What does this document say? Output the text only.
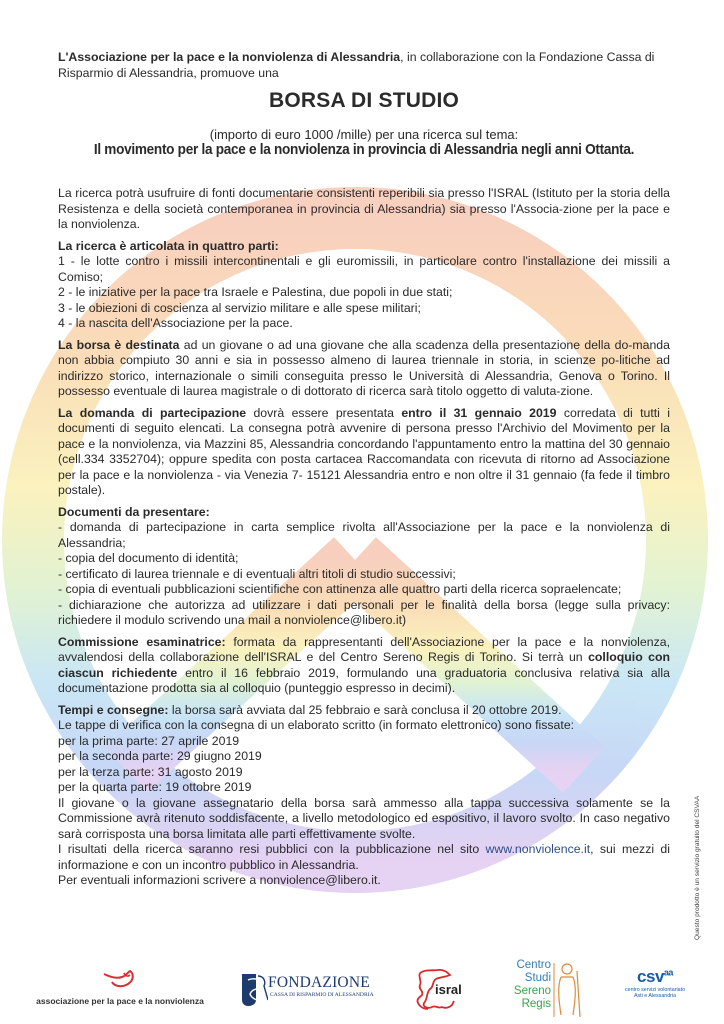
L'Associazione per la pace e la nonviolenza di Alessandria, in collaborazione con la Fondazione Cassa di Risparmio di Alessandria, promuove una

BORSA DI STUDIO
(importo di euro 1000 /mille) per una ricerca sul tema:
Il movimento per la pace e la nonviolenza in provincia di Alessandria negli anni Ottanta.

La ricerca potrà usufruire di fonti documentarie consistenti reperibili sia presso l'ISRAL (Istituto per la storia della Resistenza e della società contemporanea in provincia di Alessandria) sia presso l'Associa-zione per la pace e la nonviolenza.

La ricerca è articolata in quattro parti:

1 - le lotte contro i missili intercontinentali e gli euromissili, in particolare contro l'installazione dei missili a Comiso;

2 - le iniziative per la pace tra Israele e Palestina, due popoli in due stati;

3 - le obiezioni di coscienza al servizio militare e alle spese militari;

4 - la nascita dell'Associazione per la pace.

La borsa è destinata ad un giovane o ad una giovane che alla scadenza della presentazione della do-manda non abbia compiuto 30 anni e sia in possesso almeno di laurea triennale in storia, in scienze po-litiche ad indirizzo storico, internazionale o simili conseguita presso le Università di Alessandria, Genova o Torino. Il possesso eventuale di laurea magistrale o di dottorato di ricerca sarà titolo oggetto di valuta-zione.

La domanda di partecipazione dovrà essere presentata entro il 31 gennaio 2019 corredata di tutti i documenti di seguito elencati. La consegna potrà avvenire di persona presso l'Archivio del Movimento per la pace e la nonviolenza, via Mazzini 85, Alessandria concordando l'appuntamento entro la mattina del 30 gennaio (cell.334 3352704); oppure spedita con posta cartacea Raccomandata con ricevuta di ritorno ad Associazione per la pace e la nonviolenza - via Venezia 7- 15121 Alessandria entro e non oltre il 31 gennaio (fa fede il timbro postale).

Documenti da presentare:

- domanda di partecipazione in carta semplice rivolta all'Associazione per la pace e la nonviolenza di Alessandria;

- copia del documento di identità;

- certificato di laurea triennale e di eventuali altri titoli di studio successivi;

- copia di eventuali pubblicazioni scientifiche con attinenza alle quattro parti della ricerca sopraelencate;

- dichiarazione che autorizza ad utilizzare i dati personali per le finalità della borsa (legge sulla privacy: richiedere il modulo scrivendo una mail a nonviolence@libero.it)

Commissione esaminatrice: formata da rappresentanti dell'Associazione per la pace e la nonviolenza, avvalendosi della collaborazione dell'ISRAL e del Centro Sereno Regis di Torino. Si terrà un colloquio con ciascun richiedente entro il 16 febbraio 2019, formulando una graduatoria conclusiva relativa sia alla documentazione prodotta sia al colloquio (punteggio espresso in decimi).

Tempi e consegne: la borsa sarà avviata dal 25 febbraio e sarà conclusa il 20 ottobre 2019.

Le tappe di verifica con la consegna di un elaborato scritto (in formato elettronico) sono fissate:

per la prima parte: 27 aprile 2019

per la seconda parte: 29 giugno 2019

per la terza parte: 31 agosto 2019

per la quarta parte: 19 ottobre 2019

Il giovane o la giovane assegnatario della borsa sarà ammesso alla tappa successiva solamente se la Commissione avrà ritenuto soddisfacente, a livello metodologico ed espositivo, il lavoro svolto. In caso negativo sarà corrisposta una borsa limitata alle parti effettivamente svolte.

I risultati della ricerca saranno resi pubblici con la pubblicazione nel sito www.nonviolence.it, sui mezzi di informazione e con un incontro pubblico in Alessandria.

Per eventuali informazioni scrivere a nonviolence@libero.it.	Questo prodotto è un servizio gratuito del CSVAA
associazione per la pace e la nonviolenza
FONDAZIONE
CASSA DI RISPARMIO DI ALESSANDRIA	isral
Centro
Studi
Sereno
Regis
csv$^{aa}$
centro servizi volontariato
Asti e Alessandria
